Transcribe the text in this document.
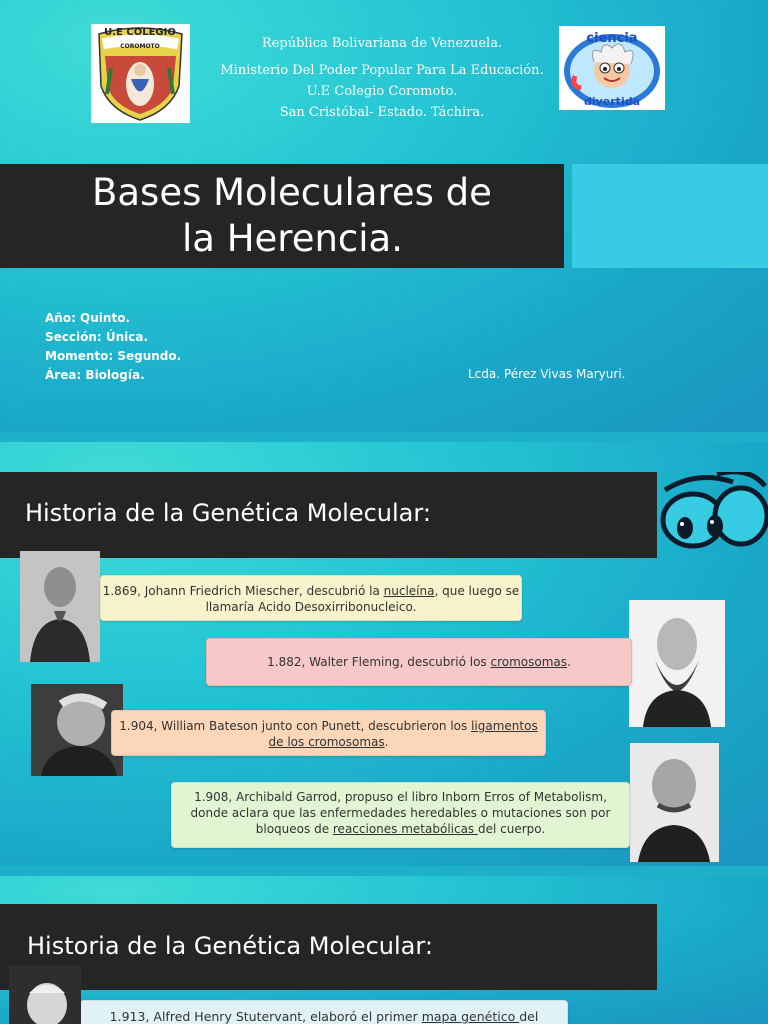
U.E COLEGIO
COROMOTO	República Bolivariana de Venezuela.
Ministerio Del Poder Popular Para La Educación.
U.E Colegio Coromoto.
San Cristóbal- Estado. Táchira.
ciencia
divertida
Bases Moleculares de
la Herencia.
Año: Quinto.
Sección: Única.
Momento: Segundo.
Área: Biología.	Lcda. Pérez Vivas Maryuri.
Historia de la Genética Molecular:
1.869, Johann Friedrich Miescher, descubrió la nucleína, que luego se llamaría Acido Desoxirribonucleico.
1.882, Walter Fleming, descubrió los cromosomas.
1.904, William Bateson junto con Punett, descubrieron los ligamentos de los cromosomas.
1.908, Archibald Garrod, propuso el libro Inborn Erros of Metabolism, donde aclara que las enfermedades heredables o mutaciones son por bloqueos de reacciones metabólicas del cuerpo.
Historia de la Genética Molecular:
1.913, Alfred Henry Stutervant, elaboró el primer mapa genético del
